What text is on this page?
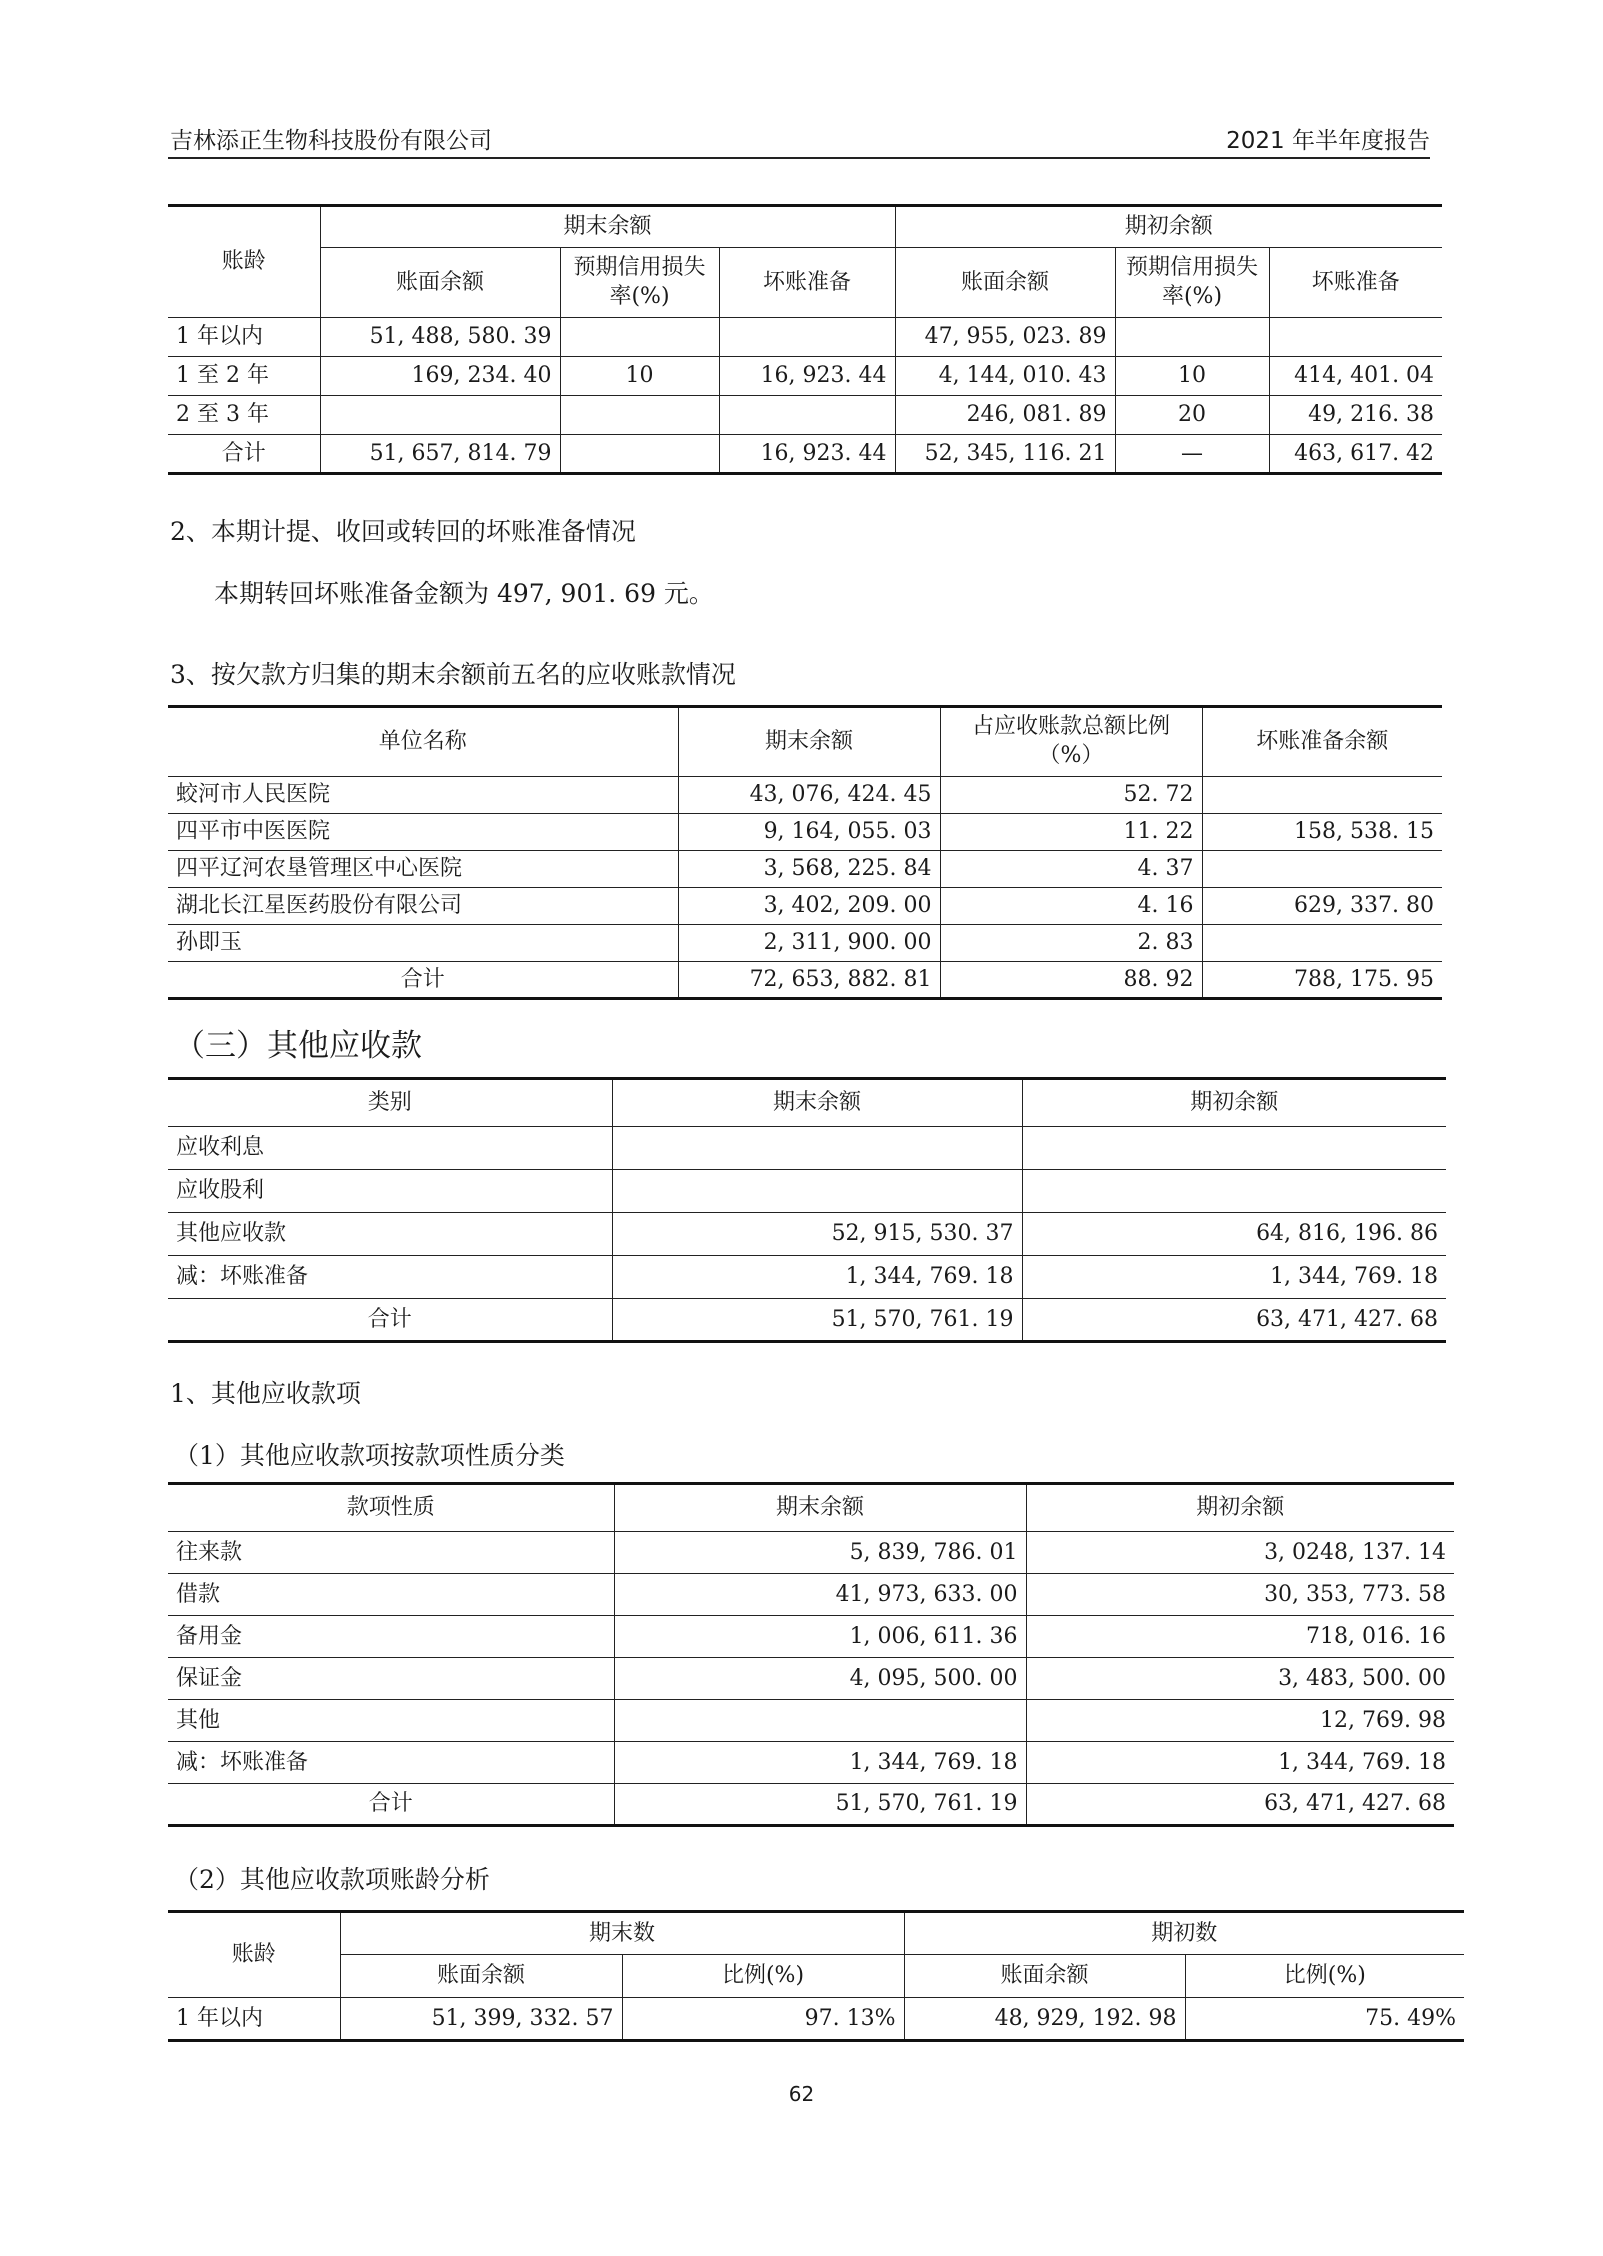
吉林添正生物科技股份有限公司	2021 年半年度报告
账龄	期末余额			期初余额		
	账面余额	预期信用损失率(%)	坏账准备	账面余额	预期信用损失率(%)	坏账准备
1 年以内	51, 488, 580. 39			47, 955, 023. 89		
1 至 2 年	169, 234. 40	10	16, 923. 44	4, 144, 010. 43	10	414, 401. 04
2 至 3 年				246, 081. 89	20	49, 216. 38
合计	51, 657, 814. 79		16, 923. 44	52, 345, 116. 21	—	463, 617. 42
2、本期计提、收回或转回的坏账准备情况
本期转回坏账准备金额为 497, 901. 69 元。
3、按欠款方归集的期末余额前五名的应收账款情况
单位名称	期末余额	占应收账款总额比例（%）	坏账准备余额
蛟河市人民医院	43, 076, 424. 45	52. 72	
四平市中医医院	9, 164, 055. 03	11. 22	158, 538. 15
四平辽河农垦管理区中心医院	3, 568, 225. 84	4. 37	
湖北长江星医药股份有限公司	3, 402, 209. 00	4. 16	629, 337. 80
孙即玉	2, 311, 900. 00	2. 83	
合计	72, 653, 882. 81	88. 92	788, 175. 95
（三）其他应收款
类别	期末余额	期初余额
应收利息		
应收股利		
其他应收款	52, 915, 530. 37	64, 816, 196. 86
减：坏账准备	1, 344, 769. 18	1, 344, 769. 18
合计	51, 570, 761. 19	63, 471, 427. 68
1、其他应收款项
（1）其他应收款项按款项性质分类
款项性质	期末余额	期初余额
往来款	5, 839, 786. 01	3, 0248, 137. 14
借款	41, 973, 633. 00	30, 353, 773. 58
备用金	1, 006, 611. 36	718, 016. 16
保证金	4, 095, 500. 00	3, 483, 500. 00
其他		12, 769. 98
减：坏账准备	1, 344, 769. 18	1, 344, 769. 18
合计	51, 570, 761. 19	63, 471, 427. 68
（2）其他应收款项账龄分析
账龄	期末数		期初数	
	账面余额	比例(%)	账面余额	比例(%)
1 年以内	51, 399, 332. 57	97. 13%	48, 929, 192. 98	75. 49%
62
